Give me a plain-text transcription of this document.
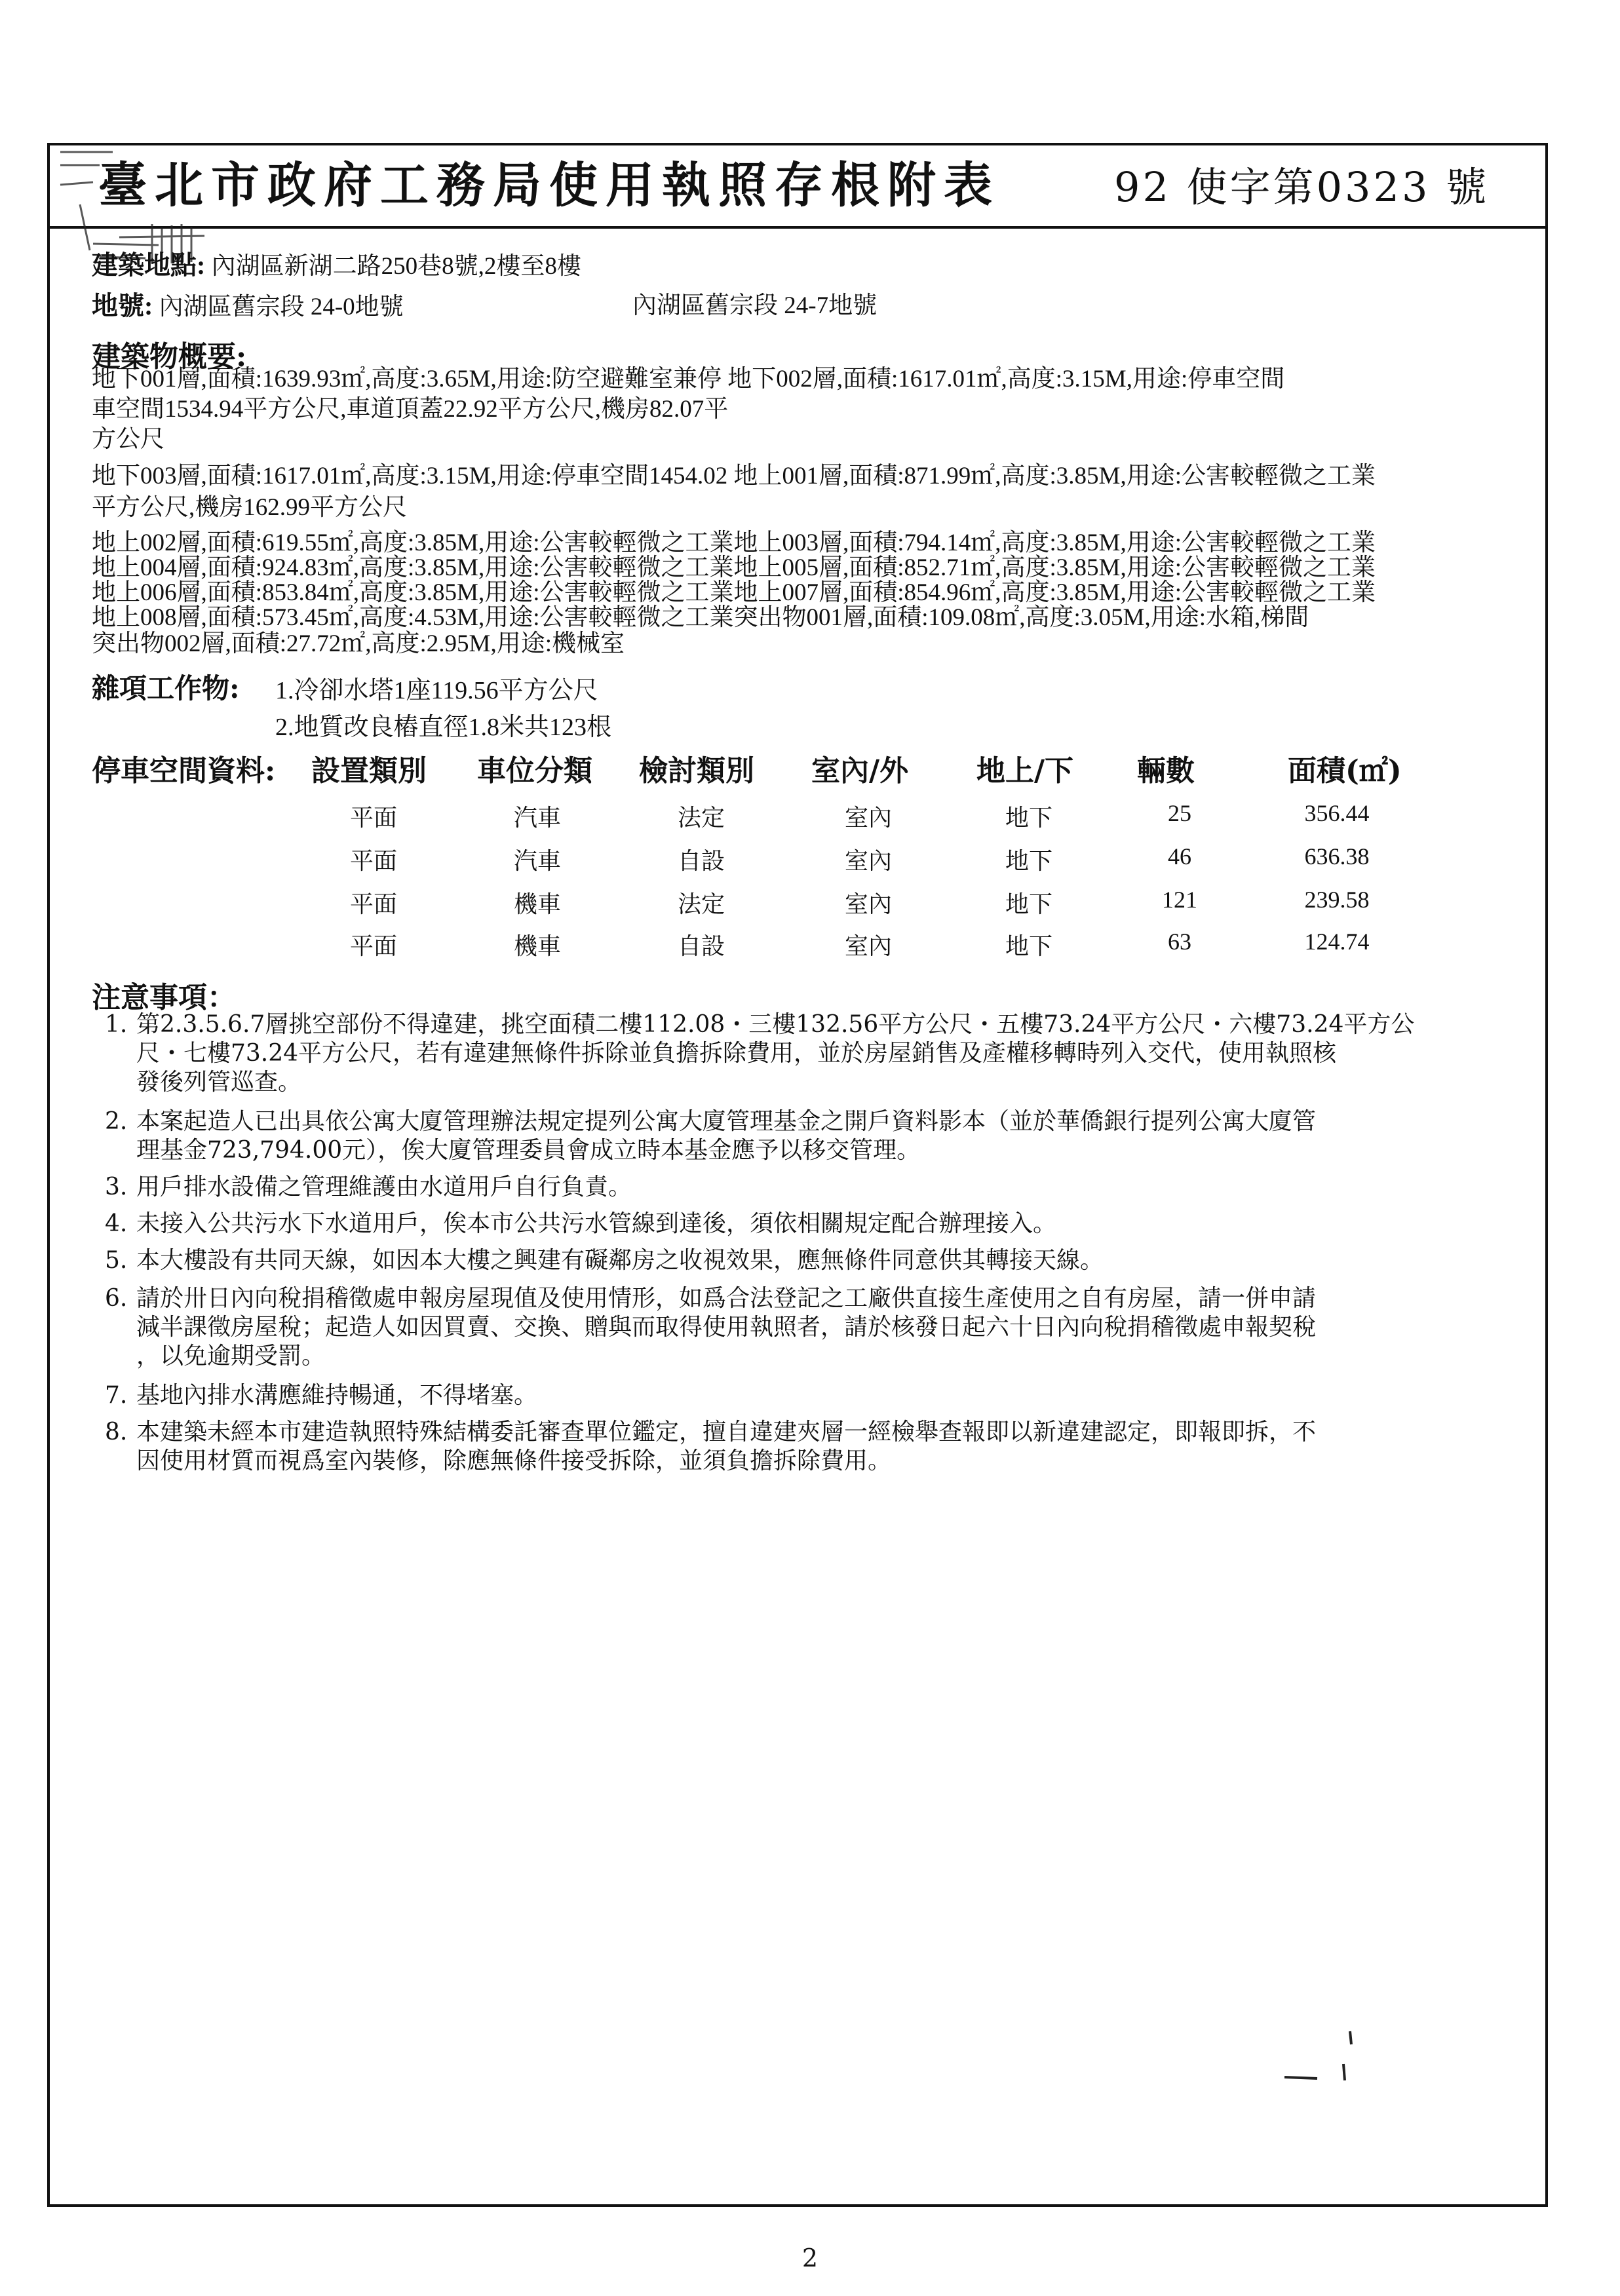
臺北市政府工務局使用執照存根附表	92 使字第0323 號
建築地點: 內湖區新湖二路250巷8號,2樓至8樓
地號: 內湖區舊宗段 24-0地號	內湖區舊宗段 24-7地號
建築物概要:
地下001層,面積:1639.93㎡,高度:3.65M,用途:防空避難室兼停 地下002層,面積:1617.01㎡,高度:3.15M,用途:停車空間
車空間1534.94平方公尺,車道頂蓋22.92平方公尺,機房82.07平
方公尺
地下003層,面積:1617.01㎡,高度:3.15M,用途:停車空間1454.02 地上001層,面積:871.99㎡,高度:3.85M,用途:公害較輕微之工業
平方公尺,機房162.99平方公尺
地上002層,面積:619.55㎡,高度:3.85M,用途:公害較輕微之工業地上003層,面積:794.14㎡,高度:3.85M,用途:公害較輕微之工業
地上004層,面積:924.83㎡,高度:3.85M,用途:公害較輕微之工業地上005層,面積:852.71㎡,高度:3.85M,用途:公害較輕微之工業
地上006層,面積:853.84㎡,高度:3.85M,用途:公害較輕微之工業地上007層,面積:854.96㎡,高度:3.85M,用途:公害較輕微之工業
地上008層,面積:573.45㎡,高度:4.53M,用途:公害較輕微之工業突出物001層,面積:109.08㎡,高度:3.05M,用途:水箱,梯間
突出物002層,面積:27.72㎡,高度:2.95M,用途:機械室
雜項工作物: 1.冷卻水塔1座119.56平方公尺
2.地質改良樁直徑1.8米共123根
停車空間資料: 設置類別 車位分類 檢討類別 室內/外 地上/下 輛數	面積(㎡)
平面	汽車	法定	室內	地下	25	356.44
平面	汽車	自設	室內	地下	46	636.38
平面	機車	法定	室內	地下	121	239.58
平面	機車	自設	室內	地下	63	124.74
注意事項：
1. 第2.3.5.6.7層挑空部份不得違建，挑空面積二樓112.08・三樓132.56平方公尺・五樓73.24平方公尺・六樓73.24平方公
尺・七樓73.24平方公尺，若有違建無條件拆除並負擔拆除費用，並於房屋銷售及產權移轉時列入交代，使用執照核
發後列管巡查。
2. 本案起造人已出具依公寓大廈管理辦法規定提列公寓大廈管理基金之開戶資料影本（並於華僑銀行提列公寓大廈管
理基金723,794.00元），俟大廈管理委員會成立時本基金應予以移交管理。
3. 用戶排水設備之管理維護由水道用戶自行負責。
4. 未接入公共污水下水道用戶，俟本市公共污水管線到達後，須依相關規定配合辦理接入。
5. 本大樓設有共同天線，如因本大樓之興建有礙鄰房之收視效果，應無條件同意供其轉接天線。
6. 請於卅日內向稅捐稽徵處申報房屋現值及使用情形，如爲合法登記之工廠供直接生產使用之自有房屋，請一併申請
減半課徵房屋稅；起造人如因買賣、交換、贈與而取得使用執照者，請於核發日起六十日內向稅捐稽徵處申報契稅
，以免逾期受罰。
7. 基地內排水溝應維持暢通，不得堵塞。
8. 本建築未經本市建造執照特殊結構委託審查單位鑑定，擅自違建夾層一經檢舉查報即以新違建認定，即報即拆，不
因使用材質而視爲室內裝修，除應無條件接受拆除，並須負擔拆除費用。
2
